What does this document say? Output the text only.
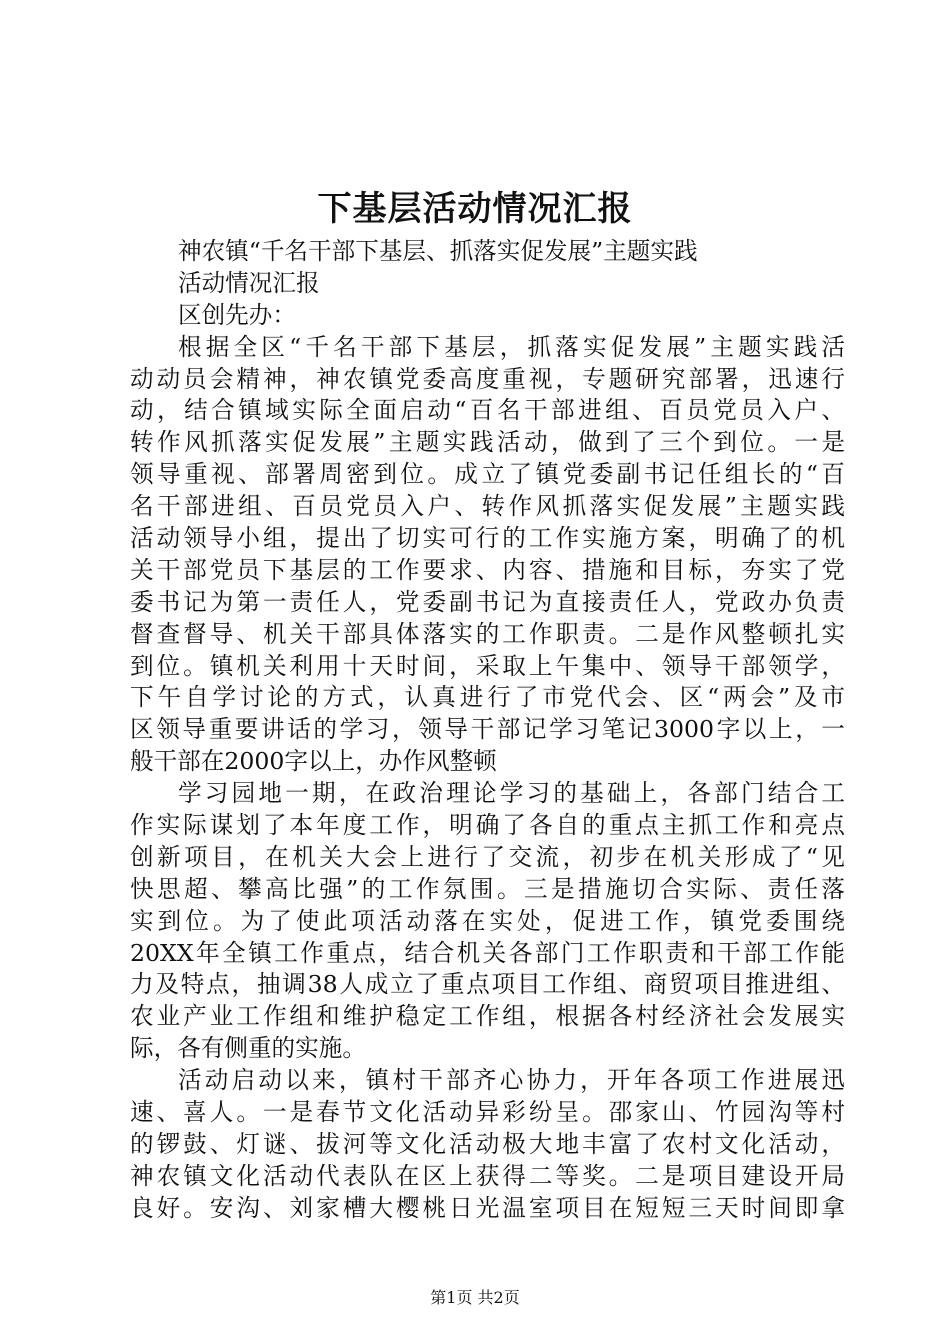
下基层活动情况汇报
神农镇“千名干部下基层、抓落实促发展”主题实践
活动情况汇报
区创先办：
根据全区“千名干部下基层，抓落实促发展”主题实践活
动动员会精神，神农镇党委高度重视，专题研究部署，迅速行
动，结合镇域实际全面启动“百名干部进组、百员党员入户、
转作风抓落实促发展”主题实践活动，做到了三个到位。一是
领导重视、部署周密到位。成立了镇党委副书记任组长的“百
名干部进组、百员党员入户、转作风抓落实促发展”主题实践
活动领导小组，提出了切实可行的工作实施方案，明确了的机
关干部党员下基层的工作要求、内容、措施和目标，夯实了党
委书记为第一责任人，党委副书记为直接责任人，党政办负责
督查督导、机关干部具体落实的工作职责。二是作风整顿扎实
到位。镇机关利用十天时间，采取上午集中、领导干部领学，
下午自学讨论的方式，认真进行了市党代会、区“两会”及市
区领导重要讲话的学习，领导干部记学习笔记3000字以上，一
般干部在2000字以上，办作风整顿
学习园地一期，在政治理论学习的基础上，各部门结合工
作实际谋划了本年度工作，明确了各自的重点主抓工作和亮点
创新项目，在机关大会上进行了交流，初步在机关形成了“见
快思超、攀高比强”的工作氛围。三是措施切合实际、责任落
实到位。为了使此项活动落在实处，促进工作，镇党委围绕
20XX年全镇工作重点，结合机关各部门工作职责和干部工作能
力及特点，抽调38人成立了重点项目工作组、商贸项目推进组、
农业产业工作组和维护稳定工作组，根据各村经济社会发展实
际，各有侧重的实施。
活动启动以来，镇村干部齐心协力，开年各项工作进展迅
速、喜人。一是春节文化活动异彩纷呈。邵家山、竹园沟等村
的锣鼓、灯谜、拔河等文化活动极大地丰富了农村文化活动，
神农镇文化活动代表队在区上获得二等奖。二是项目建设开局
良好。安沟、刘家槽大樱桃日光温室项目在短短三天时间即拿
第1页 共2页
